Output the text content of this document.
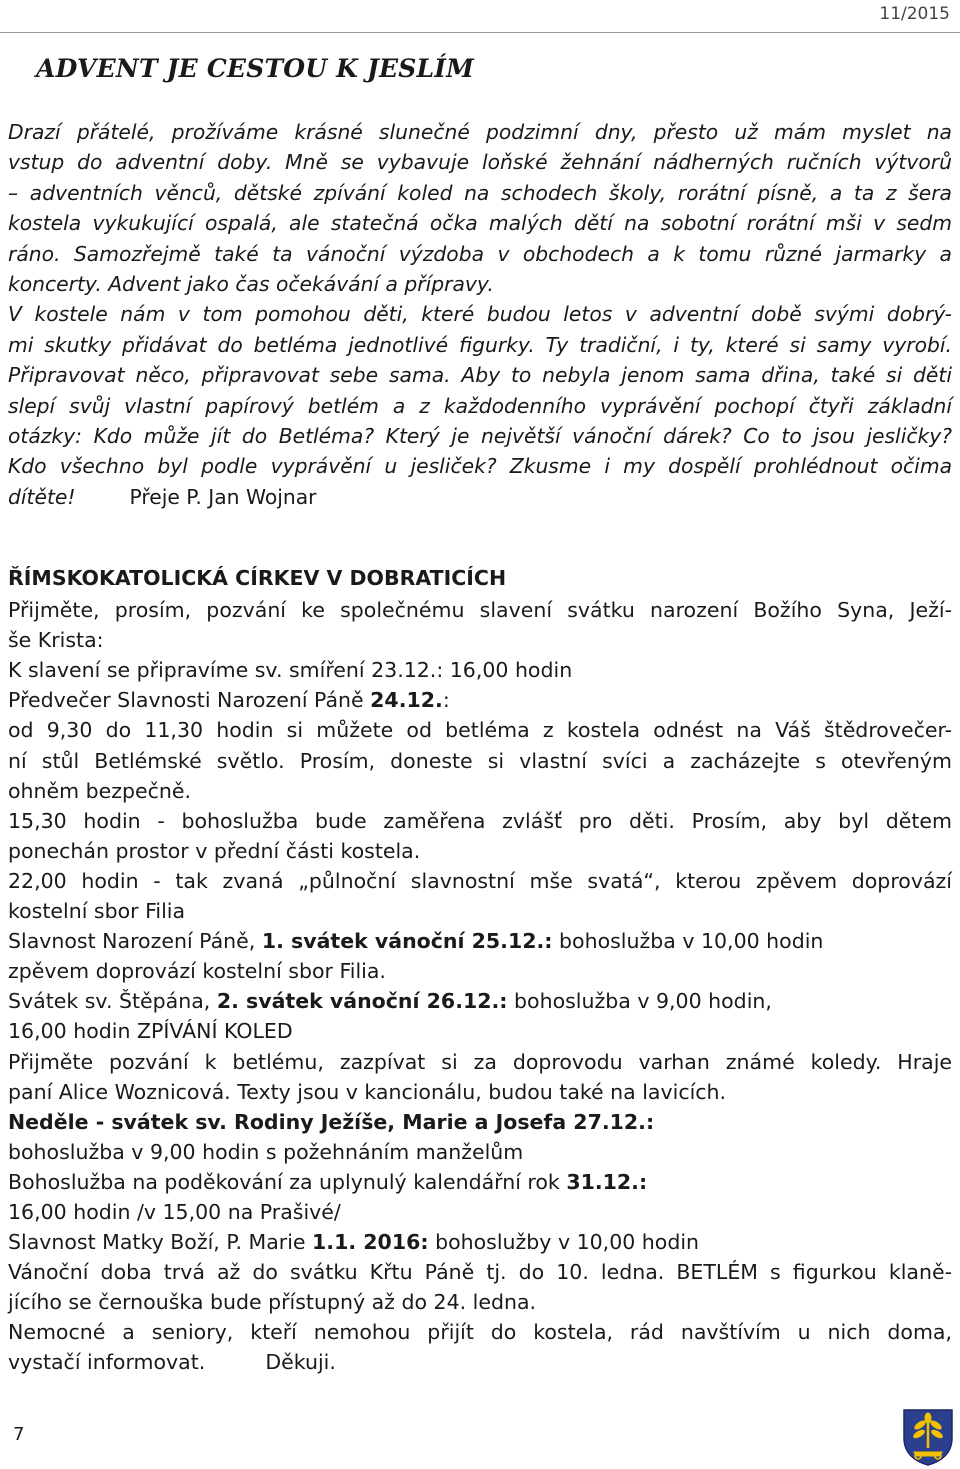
11/2015
ADVENT JE CESTOU K JESLÍM
Drazí přátelé, prožíváme krásné slunečné podzimní dny, přesto už mám myslet na
vstup do adventní doby. Mně se vybavuje loňské žehnání nádherných ručních výtvorů
– adventních věnců, dětské zpívání koled na schodech školy, rorátní písně, a ta z šera
kostela vykukující ospalá, ale statečná očka malých dětí na sobotní rorátní mši v sedm
ráno. Samozřejmě také ta vánoční výzdoba v obchodech a k tomu různé jarmarky a
koncerty. Advent jako čas očekávání a přípravy.
V kostele nám v tom pomohou děti, které budou letos v adventní době svými dobrý-
mi skutky přidávat do betléma jednotlivé figurky. Ty tradiční, i ty, které si samy vyrobí.
Připravovat něco, připravovat sebe sama. Aby to nebyla jenom sama dřina, také si děti
slepí svůj vlastní papírový betlém a z každodenního vyprávění pochopí čtyři základní
otázky: Kdo může jít do Betléma? Který je největší vánoční dárek? Co to jsou jesličky?
Kdo všechno byl podle vyprávění u jesliček? Zkusme i my dospělí prohlédnout očima
dítěte!	Přeje P. Jan Wojnar
ŘÍMSKOKATOLICKÁ CÍRKEV V DOBRATICÍCH
Přijměte, prosím, pozvání ke společnému slavení svátku narození Božího Syna, Ježí-
še Krista:
K slavení se připravíme sv. smíření 23.12.: 16,00 hodin
Předvečer Slavnosti Narození Páně 24.12.:
od 9,30 do 11,30 hodin si můžete od betléma z kostela odnést na Váš štědrovečer-
ní stůl Betlémské světlo. Prosím, doneste si vlastní svíci a zacházejte s otevřeným
ohněm bezpečně.
15,30 hodin - bohoslužba bude zaměřena zvlášť pro děti. Prosím, aby byl dětem
ponechán prostor v přední části kostela.
22,00 hodin - tak zvaná „půlnoční slavnostní mše svatá“, kterou zpěvem doprovází
kostelní sbor Filia
Slavnost Narození Páně, 1. svátek vánoční 25.12.: bohoslužba v 10,00 hodin
zpěvem doprovází kostelní sbor Filia.
Svátek sv. Štěpána, 2. svátek vánoční 26.12.: bohoslužba v 9,00 hodin,
16,00 hodin ZPÍVÁNÍ KOLED
Přijměte pozvání k betlému, zazpívat si za doprovodu varhan známé koledy. Hraje
paní Alice Woznicová. Texty jsou v kancionálu, budou také na lavicích.
Neděle - svátek sv. Rodiny Ježíše, Marie a Josefa 27.12.:
bohoslužba v 9,00 hodin s požehnáním manželům
Bohoslužba na poděkování za uplynulý kalendářní rok 31.12.:
16,00 hodin /v 15,00 na Prašivé/
Slavnost Matky Boží, P. Marie 1.1. 2016: bohoslužby v 10,00 hodin
Vánoční doba trvá až do svátku Křtu Páně tj. do 10. ledna. BETLÉM s figurkou klaně-
jícího se černouška bude přístupný až do 24. ledna.
Nemocné a seniory, kteří nemohou přijít do kostela, rád navštívím u nich doma,
vystačí informovat.	Děkuji.
7
